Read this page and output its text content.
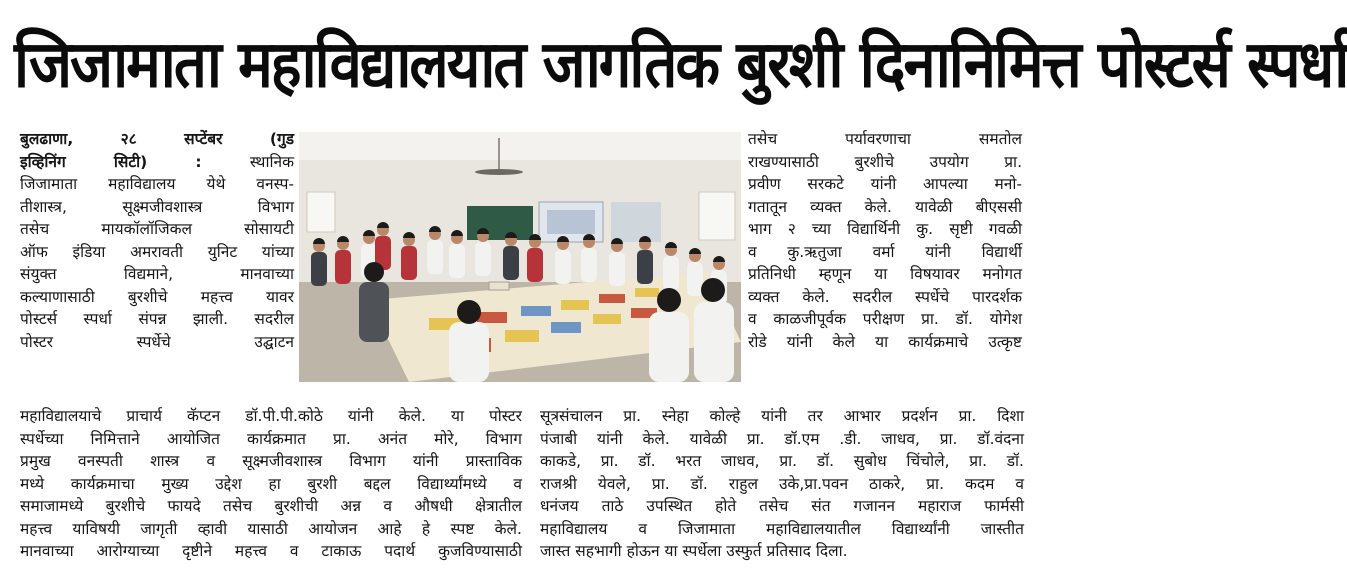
जिजामाता महाविद्यालयात जागतिक बुरशी दिनानिमित्त पोस्टर्स स्पर्धा
बुलढाणा, २८ सप्टेंबर (गुड
इव्हिनिंग सिटी) : स्थानिक
जिजामाता महाविद्यालय येथे वनस्प-
तीशास्त्र, सूक्ष्मजीवशास्त्र विभाग
तसेच मायकॉलॉजिकल सोसायटी
ऑफ इंडिया अमरावती युनिट यांच्या
संयुक्त विद्यमाने, मानवाच्या
कल्याणासाठी बुरशीचे महत्त्व यावर
पोस्टर्स स्पर्धा संपन्न झाली. सदरील
पोस्टर स्पर्धेचे उद्घाटन
तसेच पर्यावरणाचा समतोल
राखण्यासाठी बुरशीचे उपयोग प्रा.
प्रवीण सरकटे यांनी आपल्या मनो-
गतातून व्यक्त केले. यावेळी बीएससी
भाग २ च्या विद्यार्थिनी कु. सृष्टी गवळी
व कु.ऋतुजा वर्मा यांनी विद्यार्थी
प्रतिनिधी म्हणून या विषयावर मनोगत
व्यक्त केले. सदरील स्पर्धेचे पारदर्शक
व काळजीपूर्वक परीक्षण प्रा. डॉ. योगेश
रोडे यांनी केले या कार्यक्रमाचे उत्कृष्ट
महाविद्यालयाचे प्राचार्य कॅप्टन डॉ.पी.पी.कोठे यांनी केले. या पोस्टर
स्पर्धेच्या निमित्ताने आयोजित कार्यक्रमात प्रा. अनंत मोरे, विभाग
प्रमुख वनस्पती शास्त्र व सूक्ष्मजीवशास्त्र विभाग यांनी प्रास्ताविक
मध्ये कार्यक्रमाचा मुख्य उद्देश हा बुरशी बद्दल विद्यार्थ्यांमध्ये व
समाजामध्ये बुरशीचे फायदे तसेच बुरशीची अन्न व औषधी क्षेत्रातील
महत्त्व याविषयी जागृती व्हावी यासाठी आयोजन आहे हे स्पष्ट केले.
मानवाच्या आरोग्याच्या दृष्टीने महत्त्व व टाकाऊ पदार्थ कुजविण्यासाठी
सूत्रसंचालन प्रा. स्नेहा कोल्हे यांनी तर आभार प्रदर्शन प्रा. दिशा
पंजाबी यांनी केले. यावेळी प्रा. डॉ.एम .डी. जाधव, प्रा. डॉ.वंदना
काकडे, प्रा. डॉ. भरत जाधव, प्रा. डॉ. सुबोध चिंचोले, प्रा. डॉ.
राजश्री येवले, प्रा. डॉ. राहुल उके,प्रा.पवन ठाकरे, प्रा. कदम व
धनंजय ताठे उपस्थित होते तसेच संत गजानन महाराज फार्मसी
महाविद्यालय व जिजामाता महाविद्यालयातील विद्यार्थ्यांनी जास्तीत
जास्त सहभागी होऊन या स्पर्धेला उस्फुर्त प्रतिसाद दिला.
